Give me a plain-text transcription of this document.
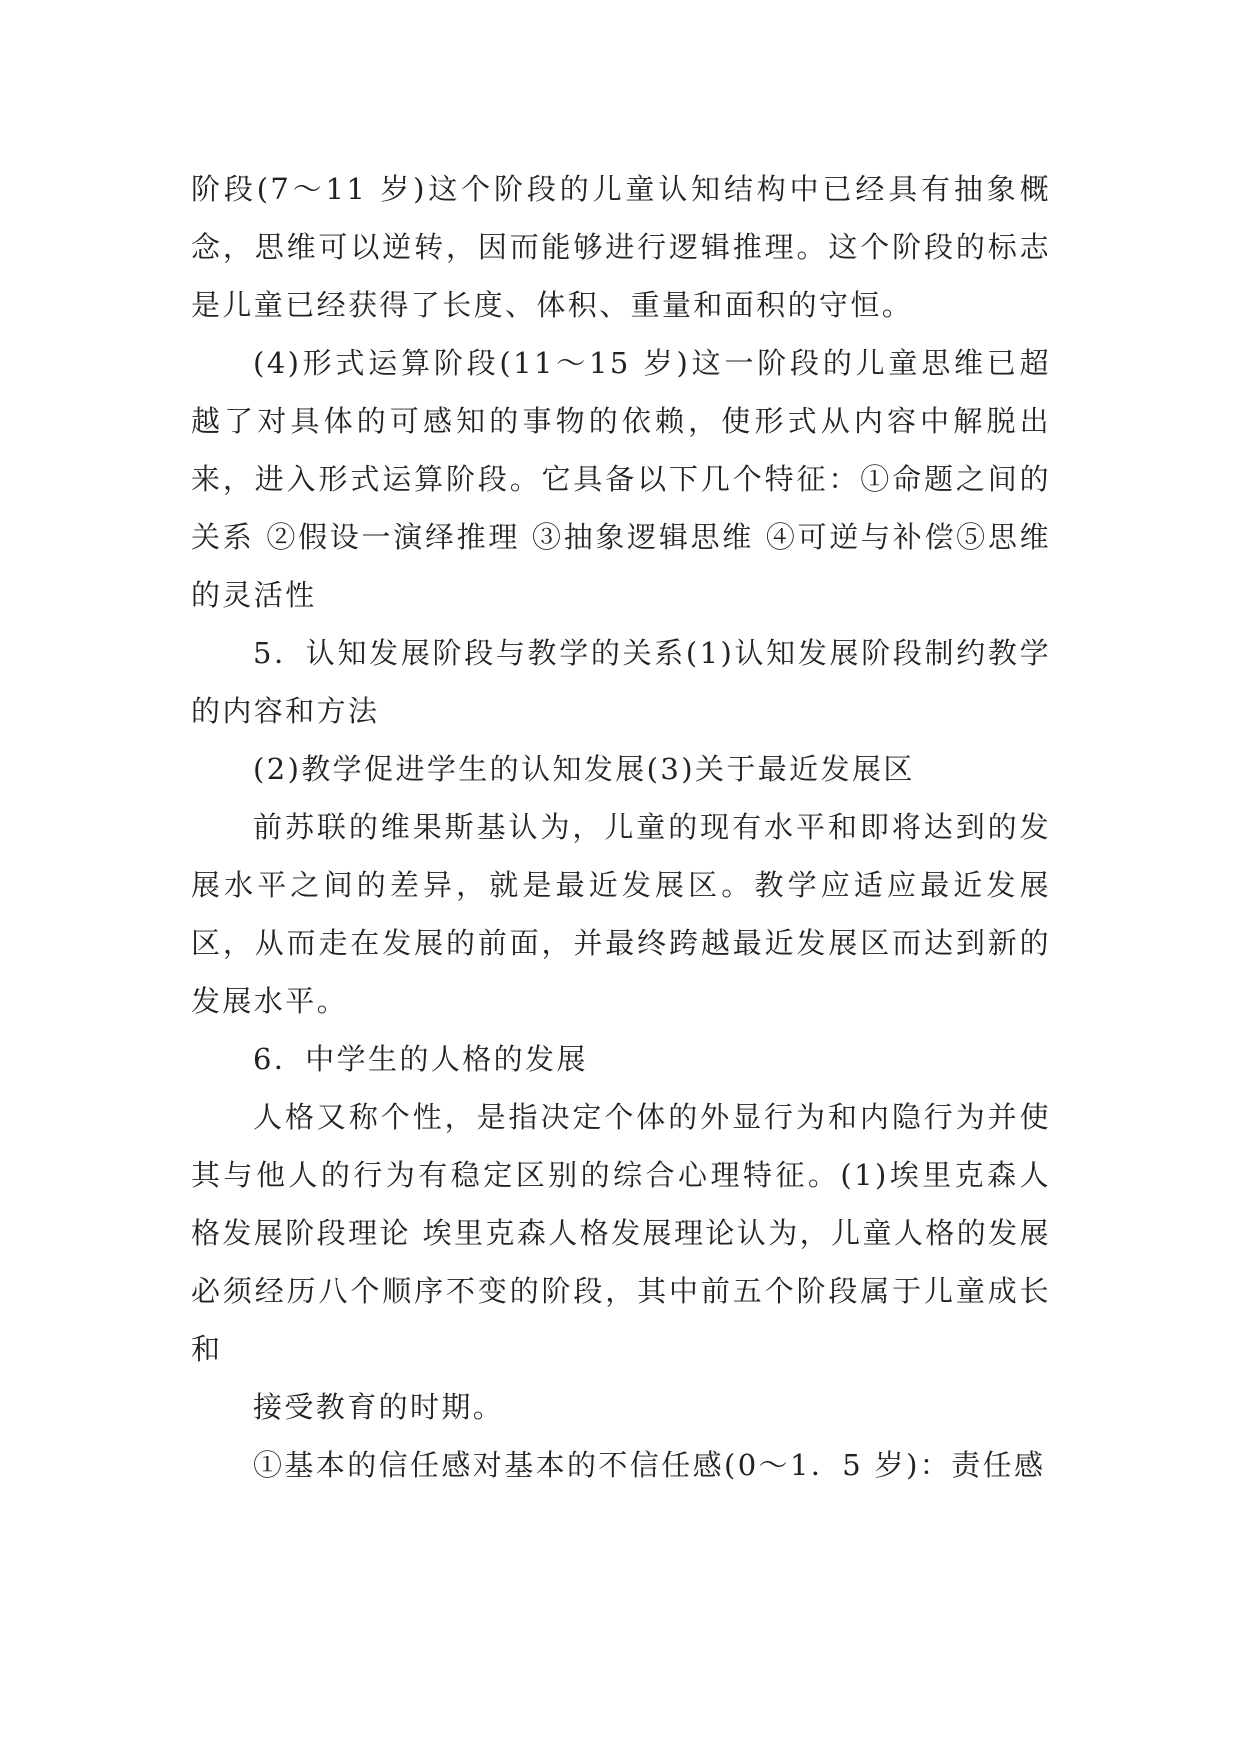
阶段(7～11 岁)这个阶段的儿童认知结构中已经具有抽象概念，思维可以逆转，因而能够进行逻辑推理。这个阶段的标志是儿童已经获得了长度、体积、重量和面积的守恒。

(4)形式运算阶段(11～15 岁)这一阶段的儿童思维已超越了对具体的可感知的事物的依赖，使形式从内容中解脱出来，进入形式运算阶段。它具备以下几个特征：①命题之间的关系 ②假设一演绎推理 ③抽象逻辑思维 ④可逆与补偿⑤思维的灵活性

5．认知发展阶段与教学的关系(1)认知发展阶段制约教学的内容和方法

(2)教学促进学生的认知发展(3)关于最近发展区

前苏联的维果斯基认为，儿童的现有水平和即将达到的发展水平之间的差异，就是最近发展区。教学应适应最近发展区，从而走在发展的前面，并最终跨越最近发展区而达到新的发展水平。

6．中学生的人格的发展

人格又称个性，是指决定个体的外显行为和内隐行为并使其与他人的行为有稳定区别的综合心理特征。(1)埃里克森人格发展阶段理论 埃里克森人格发展理论认为，儿童人格的发展必须经历八个顺序不变的阶段，其中前五个阶段属于儿童成长和

接受教育的时期。

①基本的信任感对基本的不信任感(0～1．5 岁)：责任感
